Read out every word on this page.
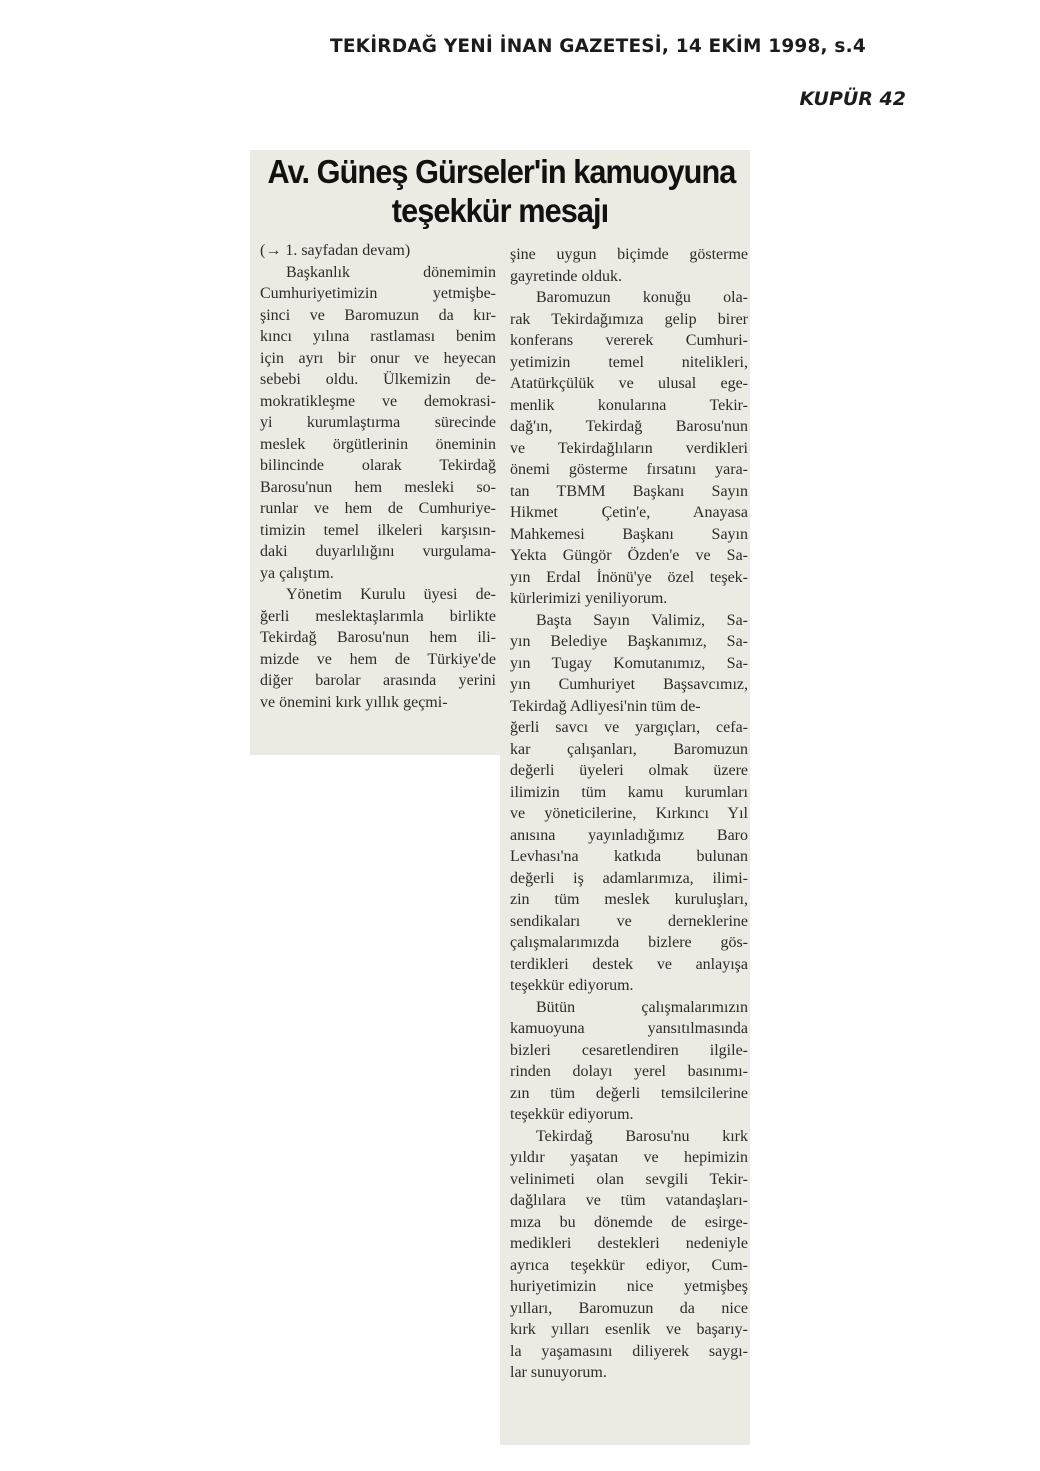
TEKİRDAĞ YENİ İNAN GAZETESİ, 14 EKİM 1998, s.4
KUPÜR 42
Av. Güneş Gürseler'in kamuoyuna
teşekkür mesajı
(→ 1. sayfadan devam)
Başkanlık dönemimin
Cumhuriyetimizin yetmişbe-
şinci ve Baromuzun da kır-
kıncı yılına rastlaması benim
için ayrı bir onur ve heyecan
sebebi oldu. Ülkemizin de-
mokratikleşme ve demokrasi-
yi kurumlaştırma sürecinde
meslek örgütlerinin öneminin
bilincinde olarak Tekirdağ
Barosu'nun hem mesleki so-
runlar ve hem de Cumhuriye-
timizin temel ilkeleri karşısın-
daki duyarlılığını vurgulama-
ya çalıştım.
Yönetim Kurulu üyesi de-
ğerli meslektaşlarımla birlikte
Tekirdağ Barosu'nun hem ili-
mizde ve hem de Türkiye'de
diğer barolar arasında yerini
ve önemini kırk yıllık geçmi-
şine uygun biçimde gösterme
gayretinde olduk.
Baromuzun konuğu ola-
rak Tekirdağımıza gelip birer
konferans vererek Cumhuri-
yetimizin temel nitelikleri,
Atatürkçülük ve ulusal ege-
menlik konularına Tekir-
dağ'ın, Tekirdağ Barosu'nun
ve Tekirdağlıların verdikleri
önemi gösterme fırsatını yara-
tan TBMM Başkanı Sayın
Hikmet Çetin'e, Anayasa
Mahkemesi Başkanı Sayın
Yekta Güngör Özden'e ve Sa-
yın Erdal İnönü'ye özel teşek-
kürlerimizi yeniliyorum.
Başta Sayın Valimiz, Sa-
yın Belediye Başkanımız, Sa-
yın Tugay Komutanımız, Sa-
yın Cumhuriyet Başsavcımız,
Tekirdağ Adliyesi'nin tüm de-
ğerli savcı ve yargıçları, cefa-
kar çalışanları, Baromuzun
değerli üyeleri olmak üzere
ilimizin tüm kamu kurumları
ve yöneticilerine, Kırkıncı Yıl
anısına yayınladığımız Baro
Levhası'na katkıda bulunan
değerli iş adamlarımıza, ilimi-
zin tüm meslek kuruluşları,
sendikaları ve derneklerine
çalışmalarımızda bizlere gös-
terdikleri destek ve anlayışa
teşekkür ediyorum.
Bütün çalışmalarımızın
kamuoyuna yansıtılmasında
bizleri cesaretlendiren ilgile-
rinden dolayı yerel basınımı-
zın tüm değerli temsilcilerine
teşekkür ediyorum.
Tekirdağ Barosu'nu kırk
yıldır yaşatan ve hepimizin
velinimeti olan sevgili Tekir-
dağlılara ve tüm vatandaşları-
mıza bu dönemde de esirge-
medikleri destekleri nedeniyle
ayrıca teşekkür ediyor, Cum-
huriyetimizin nice yetmişbeş
yılları, Baromuzun da nice
kırk yılları esenlik ve başarıy-
la yaşamasını diliyerek saygı-
lar sunuyorum.
